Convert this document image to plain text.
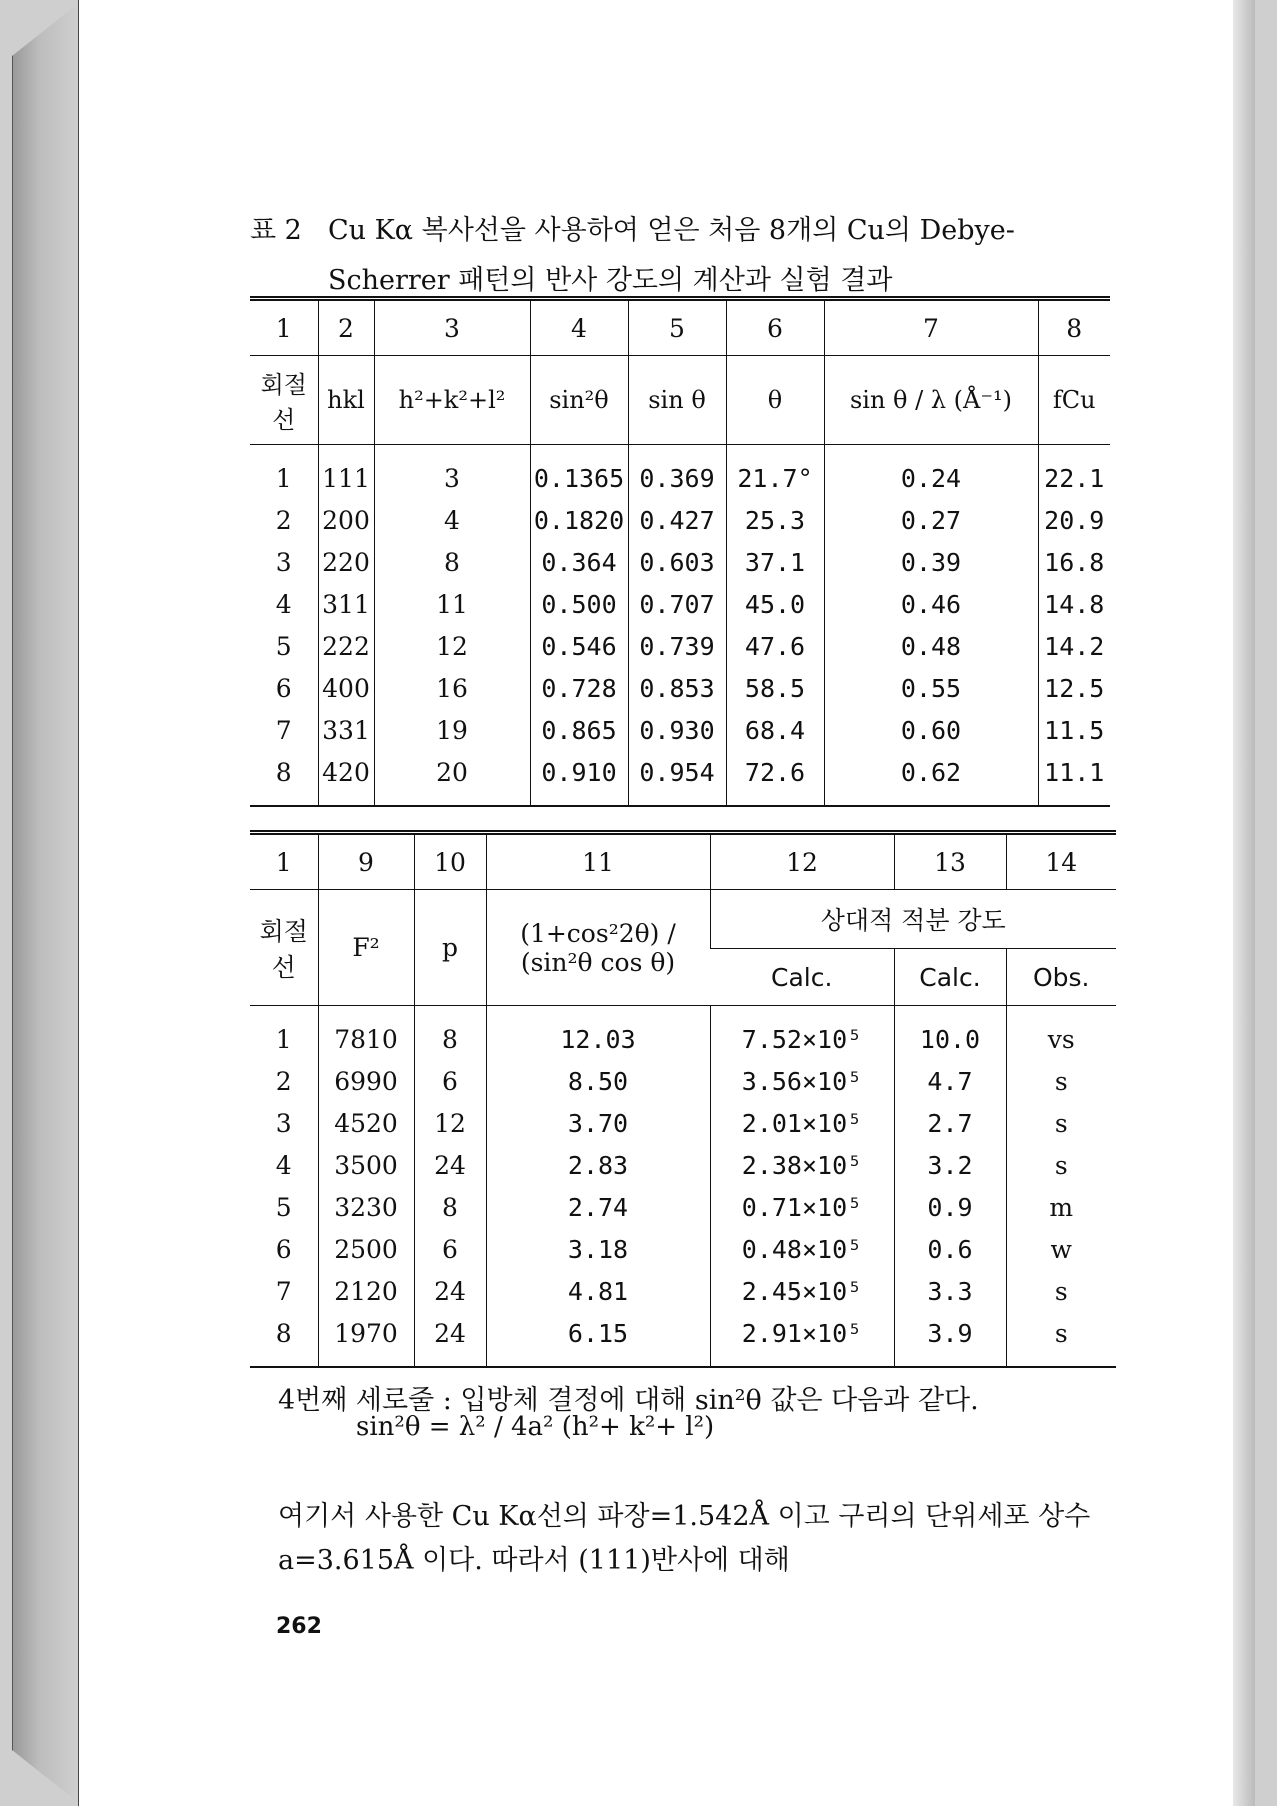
표 2 Cu Kα 복사선을 사용하여 얻은 처음 8개의 Cu의 Debye-Scherrer 패턴의 반사 강도의 계산과 실험 결과
1	2	3	4	5	6	7	8
회절선	hkl	h²+k²+l²	sin²θ	sin θ	θ	sin θ / λ (Å⁻¹)	fCu

1	111	3	0.1365	0.369	21.7°	0.24	22.1
2	200	4	0.1820	0.427	25.3	0.27	20.9
3	220	8	0.364	0.603	37.1	0.39	16.8
4	311	11	0.500	0.707	45.0	0.46	14.8
5	222	12	0.546	0.739	47.6	0.48	14.2
6	400	16	0.728	0.853	58.5	0.55	12.5
7	331	19	0.865	0.930	68.4	0.60	11.5
8	420	20	0.910	0.954	72.6	0.62	11.1

1	9	10	11	12	13	14
회절선	F²	p	(1+cos²2θ) / (sin²θ cos θ)	상대적 적분 강도		
				Calc.	Calc.	Obs.

1	7810	8	12.03	7.52×10⁵	10.0	vs
2	6990	6	8.50	3.56×10⁵	4.7	s
3	4520	12	3.70	2.01×10⁵	2.7	s
4	3500	24	2.83	2.38×10⁵	3.2	s
5	3230	8	2.74	0.71×10⁵	0.9	m
6	2500	6	3.18	0.48×10⁵	0.6	w
7	2120	24	4.81	2.45×10⁵	3.3	s
8	1970	24	6.15	2.91×10⁵	3.9	s

4번째 세로줄 : 입방체 결정에 대해 sin²θ 값은 다음과 같다.
sin²θ = λ² / 4a² (h²+ k²+ l²)
여기서 사용한 Cu Kα선의 파장=1.542Å 이고 구리의 단위세포 상수
a=3.615Å 이다. 따라서 (111)반사에 대해
262
